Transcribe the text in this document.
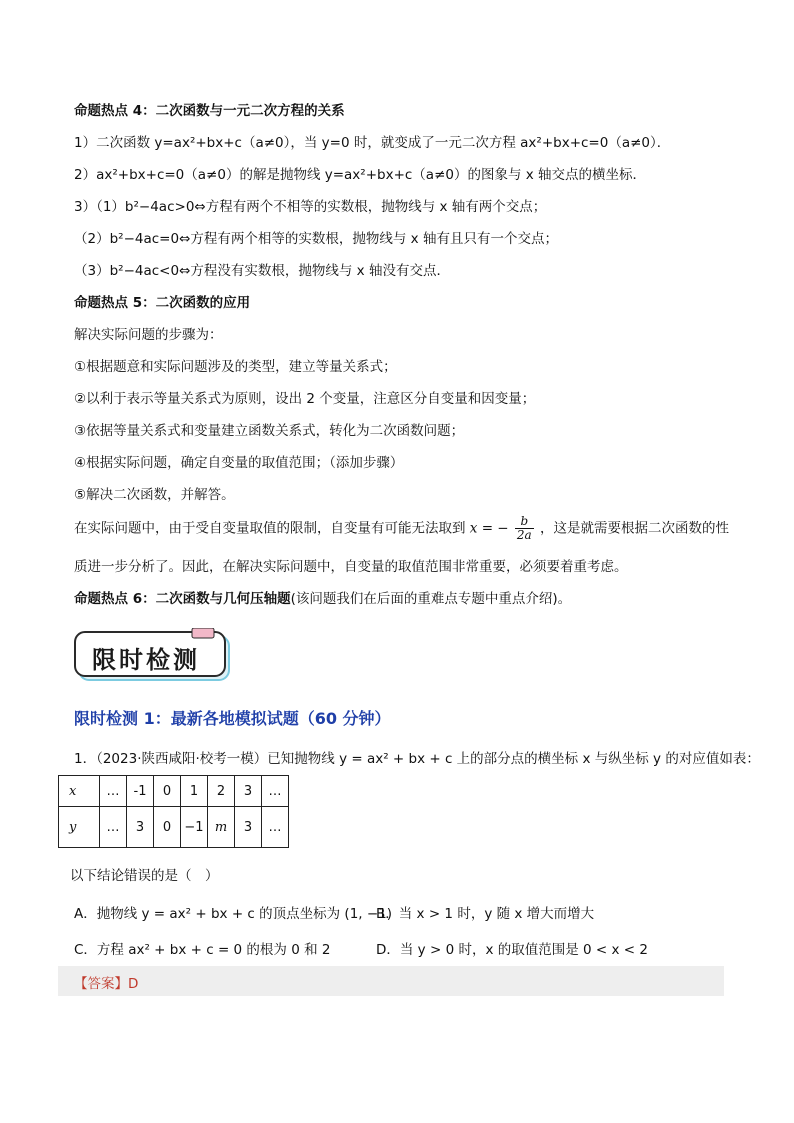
命题热点 4：二次函数与一元二次方程的关系
1）二次函数 y=ax²+bx+c（a≠0），当 y=0 时，就变成了一元二次方程 ax²+bx+c=0（a≠0）．
2）ax²+bx+c=0（a≠0）的解是抛物线 y=ax²+bx+c（a≠0）的图象与 x 轴交点的横坐标．
3）（1）b²−4ac>0⇔方程有两个不相等的实数根，抛物线与 x 轴有两个交点；
（2）b²−4ac=0⇔方程有两个相等的实数根，抛物线与 x 轴有且只有一个交点；
（3）b²−4ac<0⇔方程没有实数根，抛物线与 x 轴没有交点．
命题热点 5：二次函数的应用
解决实际问题的步骤为：
①根据题意和实际问题涉及的类型，建立等量关系式；
②以利于表示等量关系式为原则，设出 2 个变量，注意区分自变量和因变量；
③依据等量关系式和变量建立函数关系式，转化为二次函数问题；
④根据实际问题，确定自变量的取值范围；（添加步骤）
⑤解决二次函数，并解答。
在实际问题中，由于受自变量取值的限制，自变量有可能无法取到 x = − $\frac{b}{2a}$ ，这是就需要根据二次函数的性
质进一步分析了。因此，在解决实际问题中，自变量的取值范围非常重要，必须要着重考虑。
命题热点 6：二次函数与几何压轴题(该问题我们在后面的重难点专题中重点介绍)。
限时检测
限时检测 1：最新各地模拟试题（60 分钟）
1．（2023·陕西咸阳·校考一模）已知抛物线 y = ax² + bx + c 上的部分点的横坐标 x 与纵坐标 y 的对应值如表：
x	…	-1	0	1	2	3	…
y	…	3	0	−1	m	3	…
以下结论错误的是（　）
A．抛物线 y = ax² + bx + c 的顶点坐标为 (1, −1)
B．当 x > 1 时，y 随 x 增大而增大
C．方程 ax² + bx + c = 0 的根为 0 和 2	D．当 y > 0 时，x 的取值范围是 0 < x < 2
【答案】D
